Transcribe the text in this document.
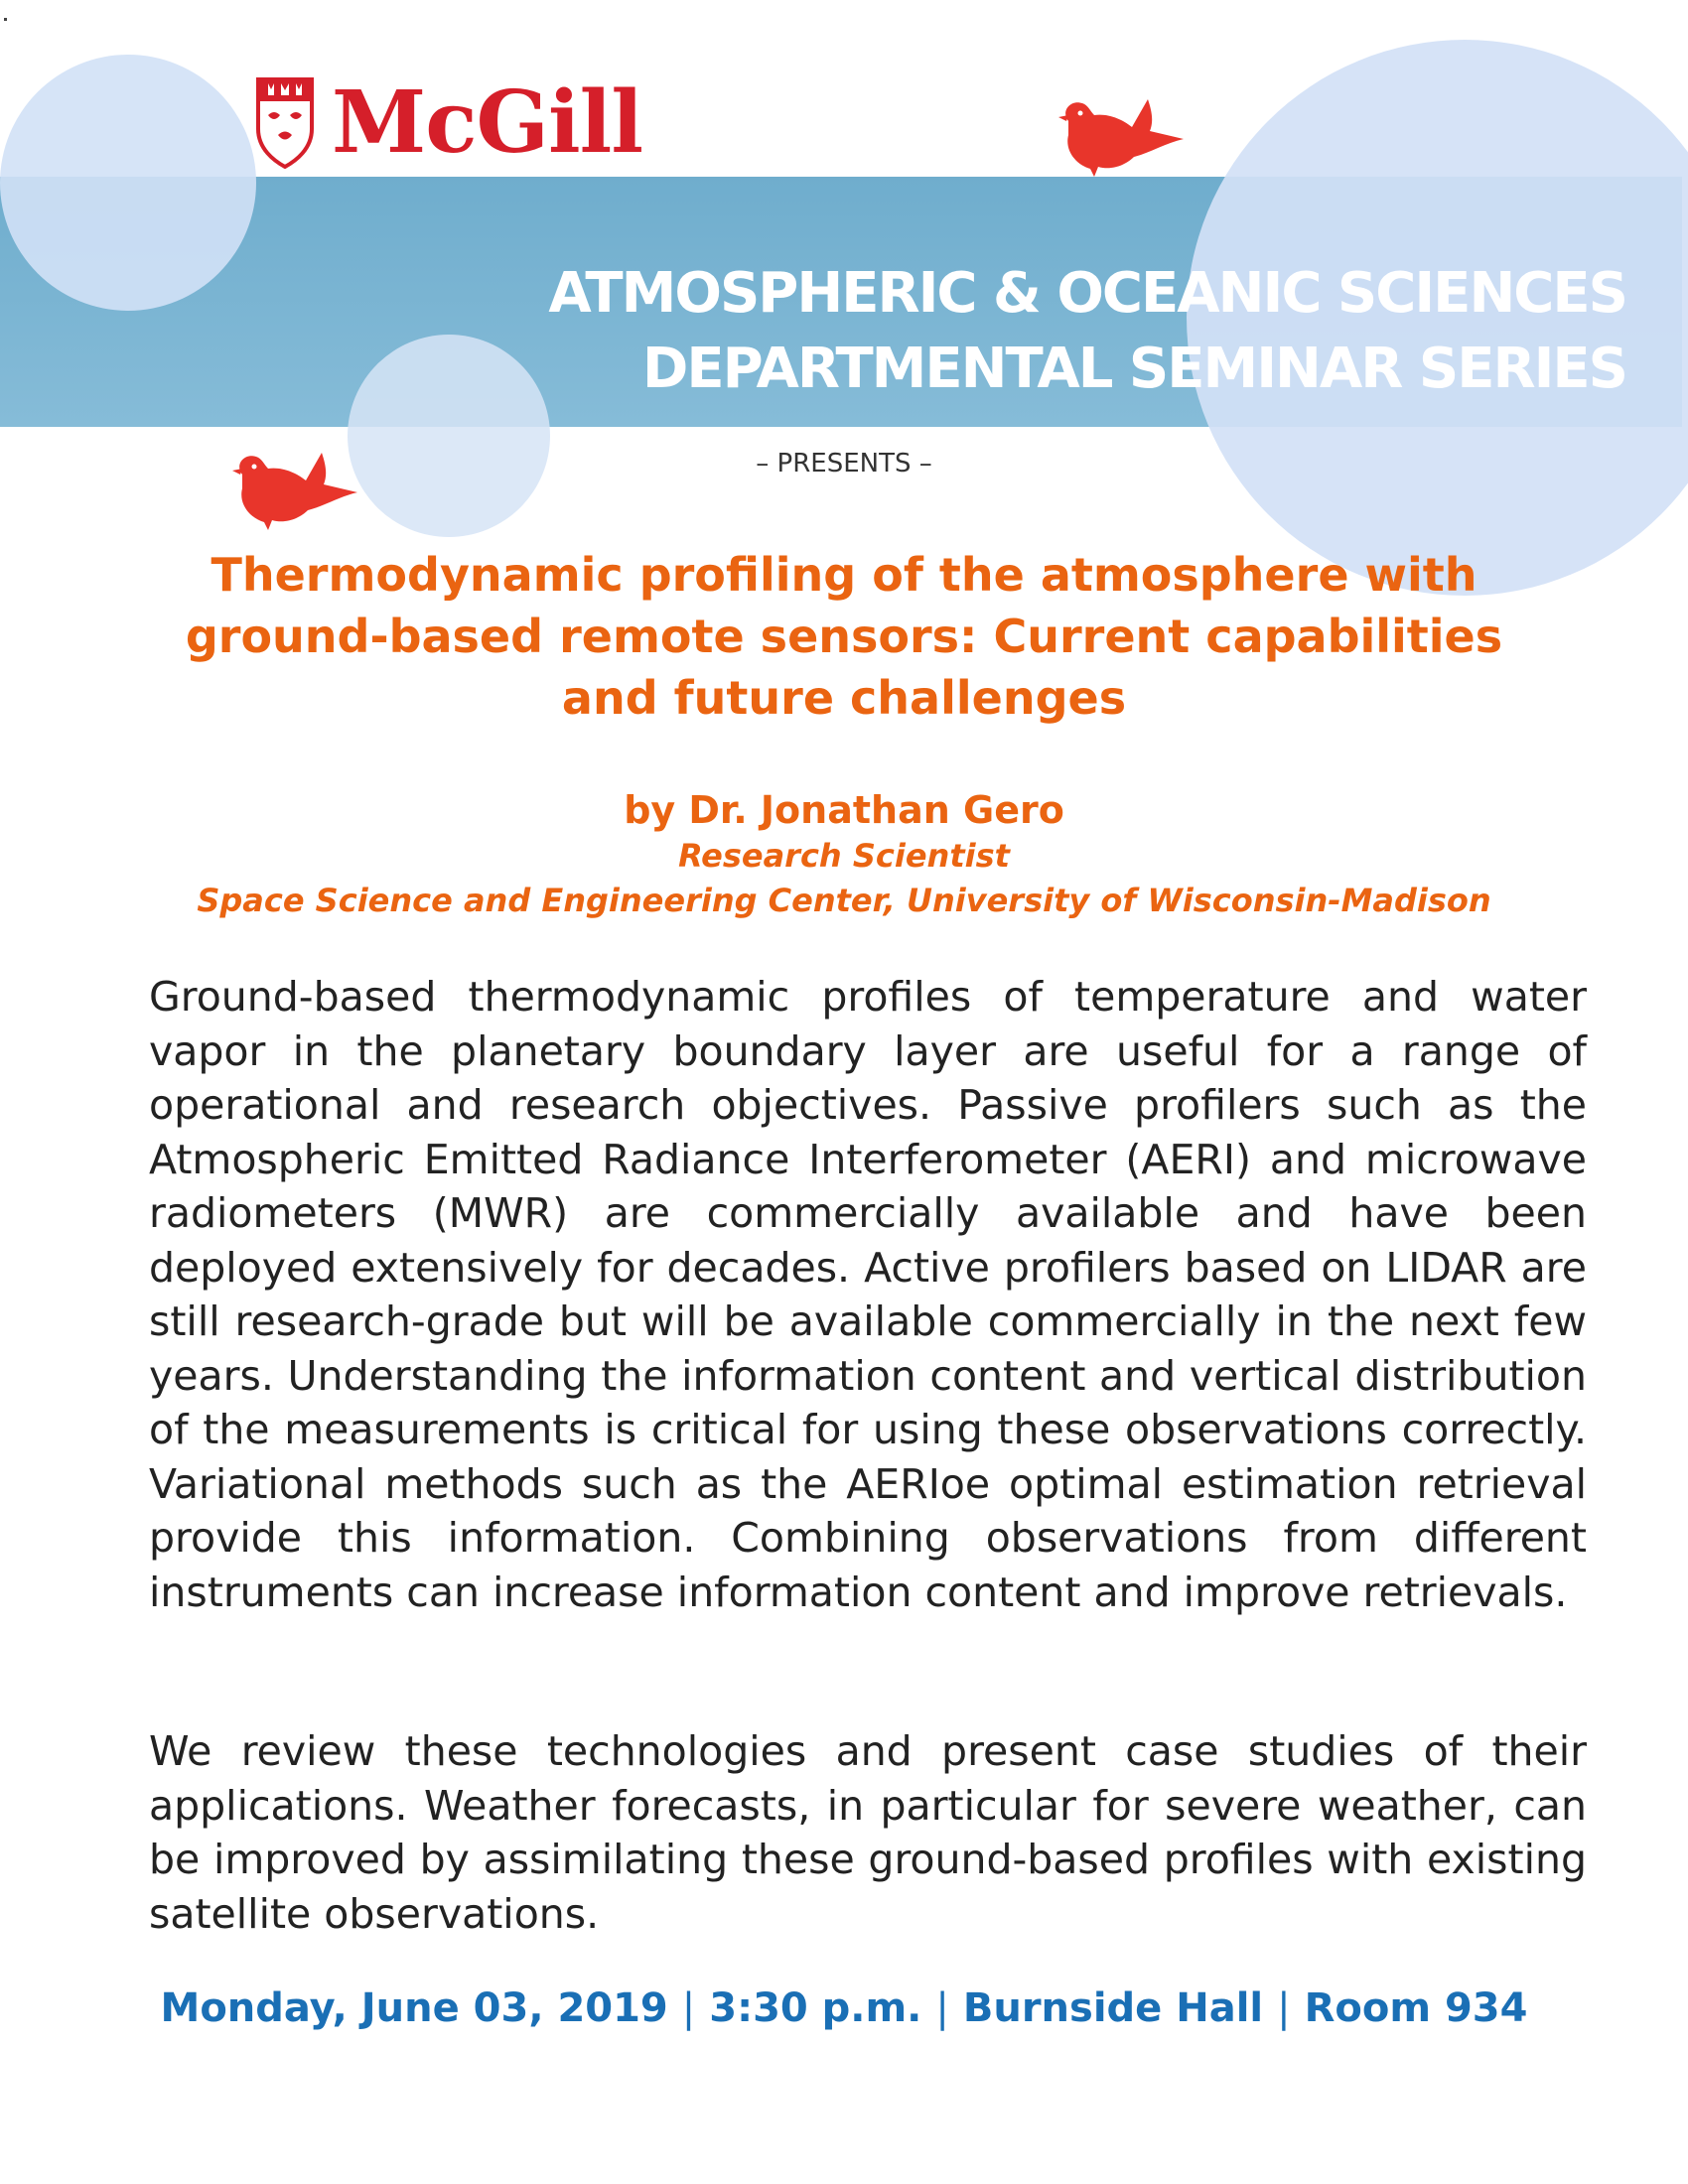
McGill
ATMOSPHERIC & OCEANIC SCIENCES
DEPARTMENTAL SEMINAR SERIES
– PRESENTS –
Thermodynamic profiling of the atmosphere with ground-based remote sensors: Current capabilities and future challenges
by Dr. Jonathan Gero
Research Scientist
Space Science and Engineering Center, University of Wisconsin-Madison

Ground-based thermodynamic profiles of temperature and water vapor in the planetary boundary layer are useful for a range of operational and research objectives. Passive profilers such as the Atmospheric Emitted Radiance Interferometer (AERI) and microwave radiometers (MWR) are commercially available and have been deployed extensively for decades. Active profilers based on LIDAR are still research-grade but will be available commercially in the next few years. Understanding the information content and vertical distribution of the measurements is critical for using these observations correctly. Variational methods such as the AERIoe optimal estimation retrieval provide this information. Combining observations from different instruments can increase information content and improve retrievals.

We review these technologies and present case studies of their applications. Weather forecasts, in particular for severe weather, can be improved by assimilating these ground-based profiles with existing satellite observations.

Monday, June 03, 2019 | 3:30 p.m. | Burnside Hall | Room 934
